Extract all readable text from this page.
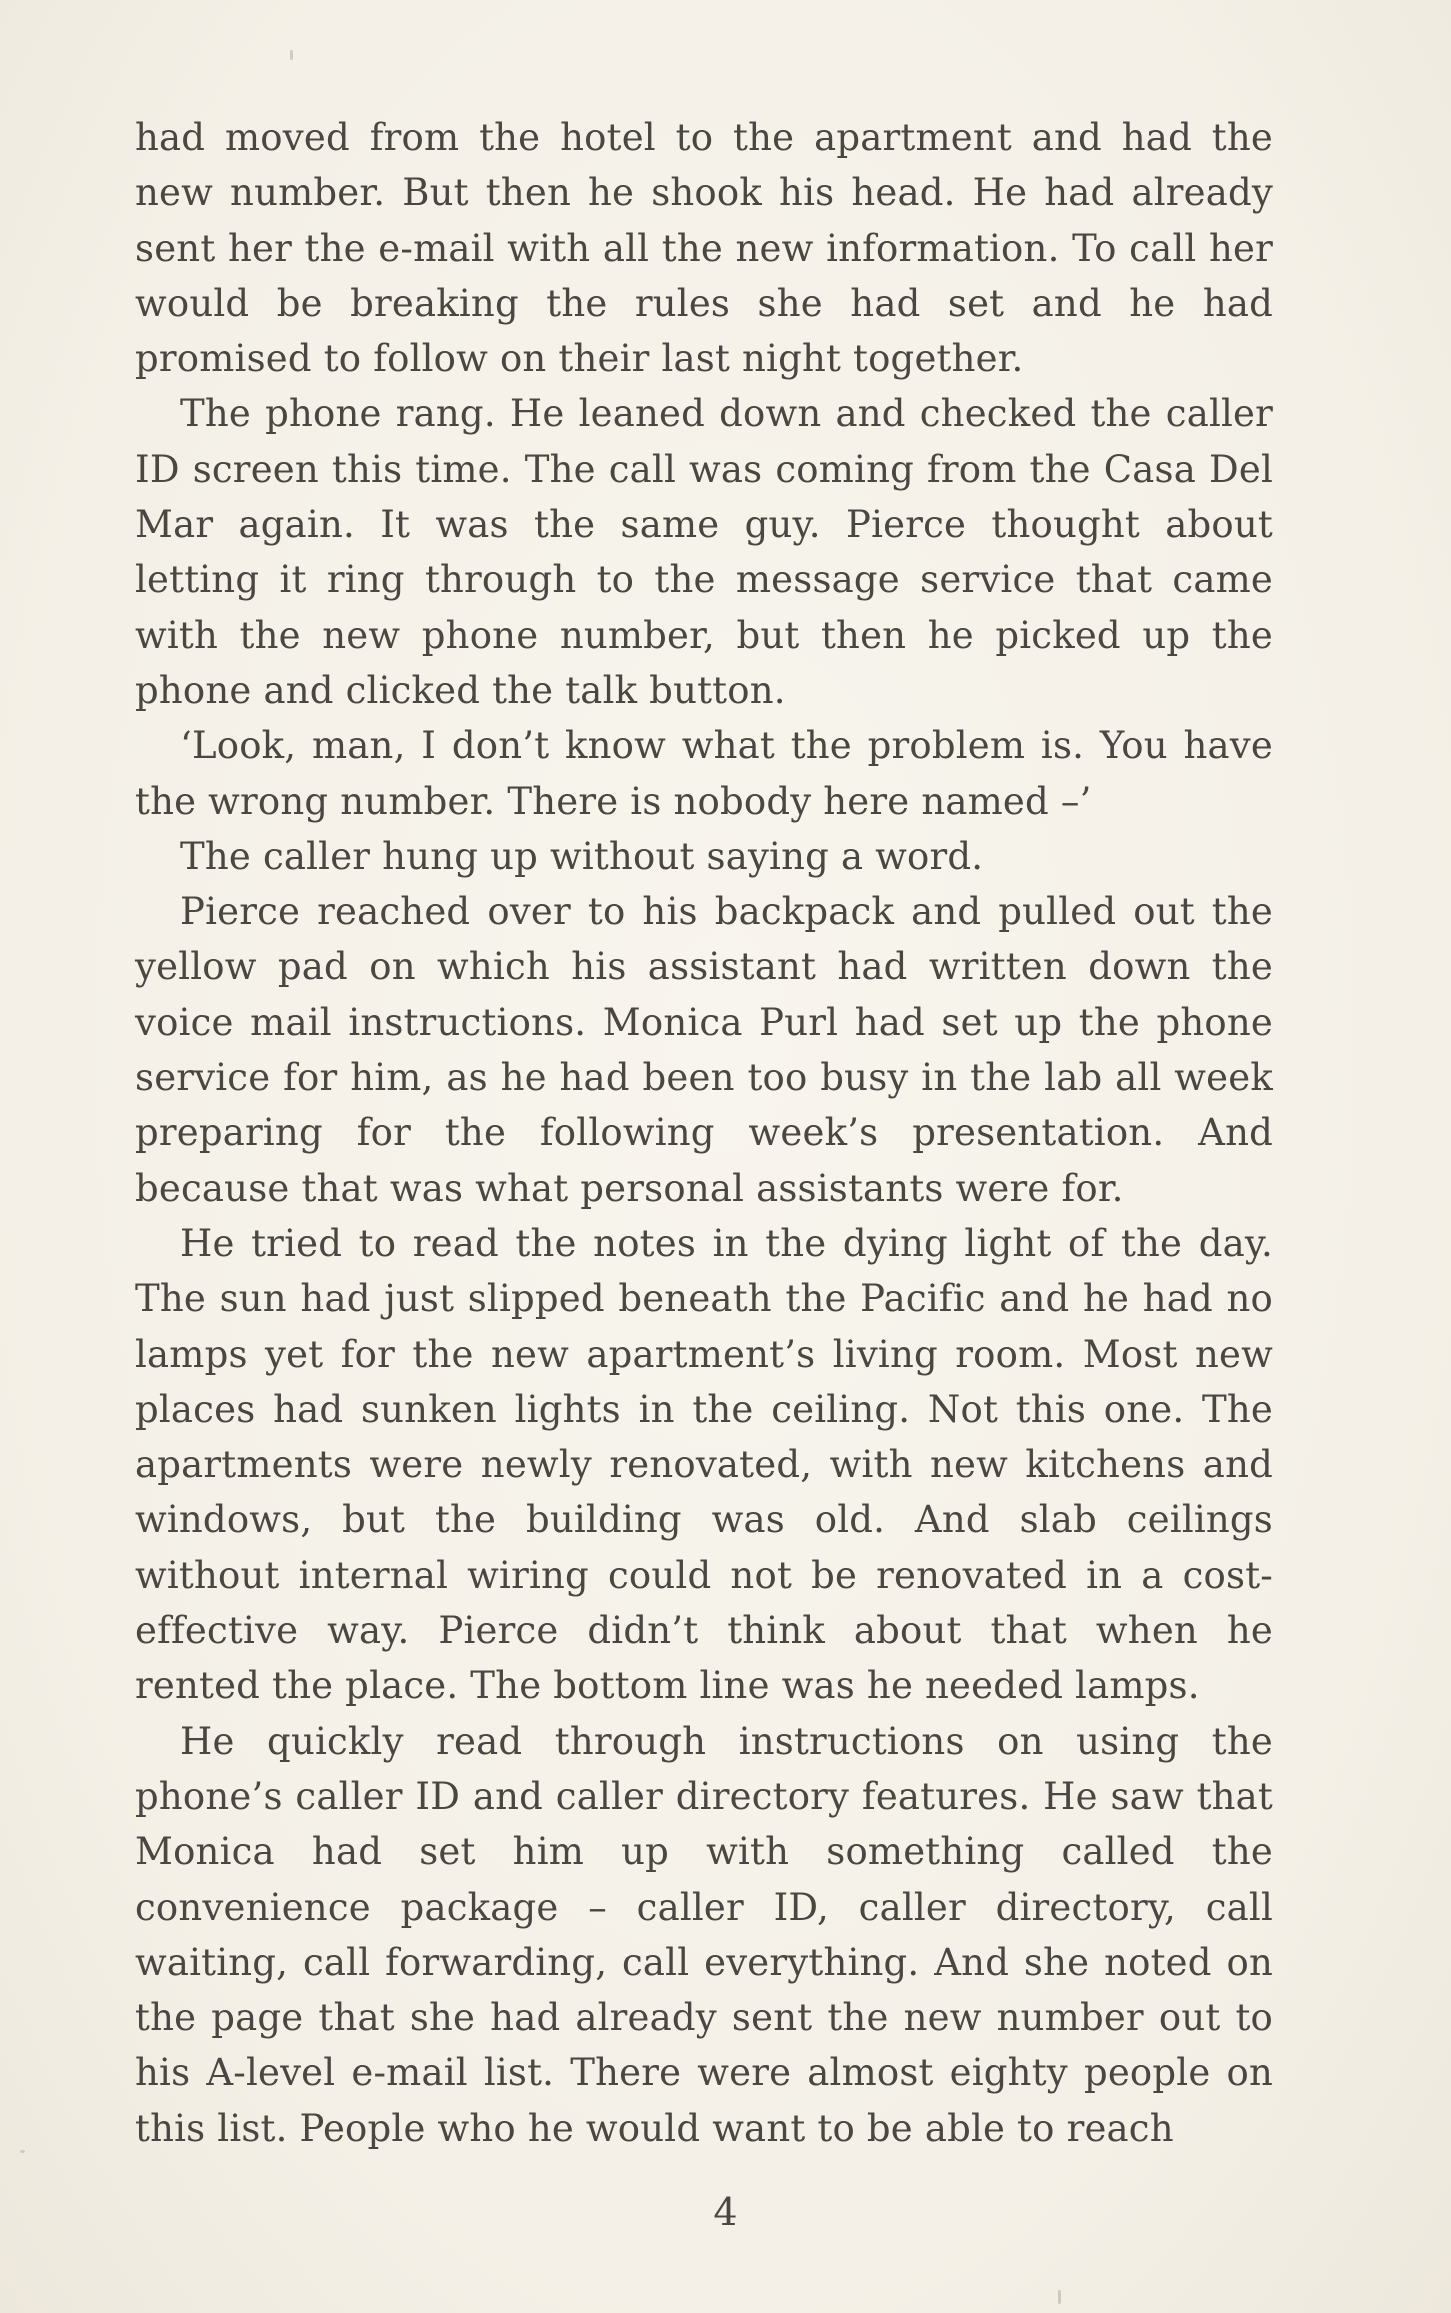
had moved from the hotel to the apartment and had the new number. But then he shook his head. He had already sent her the e-mail with all the new information. To call her would be breaking the rules she had set and he had promised to follow on their last night together.

The phone rang. He leaned down and checked the caller ID screen this time. The call was coming from the Casa Del Mar again. It was the same guy. Pierce thought about letting it ring through to the message service that came with the new phone number, but then he picked up the phone and clicked the talk button.

‘Look, man, I don’t know what the problem is. You have the wrong number. There is nobody here named –’

The caller hung up without saying a word.

Pierce reached over to his backpack and pulled out the yellow pad on which his assistant had written down the voice mail instructions. Monica Purl had set up the phone service for him, as he had been too busy in the lab all week preparing for the following week’s presentation. And because that was what personal assistants were for.

He tried to read the notes in the dying light of the day. The sun had just slipped beneath the Pacific and he had no lamps yet for the new apartment’s living room. Most new places had sunken lights in the ceiling. Not this one. The apartments were newly renovated, with new kitchens and windows, but the building was old. And slab ceilings without internal wiring could not be renovated in a cost-effective way. Pierce didn’t think about that when he rented the place. The bottom line was he needed lamps.

He quickly read through instructions on using the phone’s caller ID and caller directory features. He saw that Monica had set him up with something called the convenience package – caller ID, caller directory, call waiting, call forwarding, call everything. And she noted on the page that she had already sent the new number out to his A-level e-mail list. There were almost eighty people on this list. People who he would want to be able to reach

4
